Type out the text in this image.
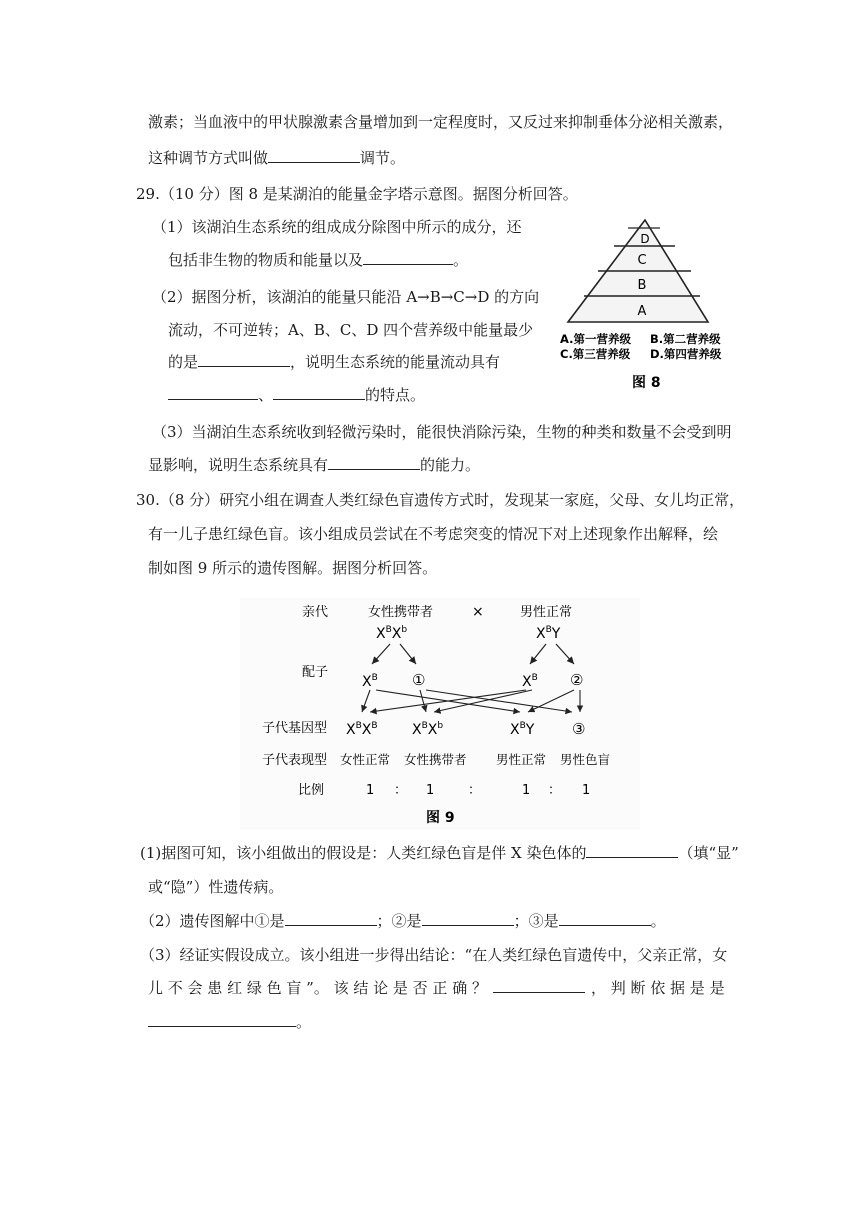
激素；当血液中的甲状腺激素含量增加到一定程度时，又反过来抑制垂体分泌相关激素，
这种调节方式叫做	调节。
29.（10 分）图 8 是某湖泊的能量金字塔示意图。据图分析回答。
（1）该湖泊生态系统的组成成分除图中所示的成分，还
包括非生物的物质和能量以及	。
（2）据图分析，该湖泊的能量只能沿 A→B→C→D 的方向
流动，不可逆转；A、B、C、D 四个营养级中能量最少
的是	，说明生态系统的能量流动具有
、	的特点。
A
B
C
D
A.第一营养级 B.第二营养级
C.第三营养级 D.第四营养级
图 8
（3）当湖泊生态系统收到轻微污染时，能很快消除污染，生物的种类和数量不会受到明
显影响，说明生态系统具有	的能力。
30.（8 分）研究小组在调查人类红绿色盲遗传方式时，发现某一家庭，父母、女儿均正常，
有一儿子患红绿色盲。该小组成员尝试在不考虑突变的情况下对上述现象作出解释，绘
制如图 9 所示的遗传图解。据图分析回答。
亲代	女性携带者	×	男性正常
$X^BX^b$	$X^BY$
配子
$X^B$ ①	$X^B$ ②
子代基因型 $X^BX^B$ $X^BX^b$	$X^BY$	③
子代表现型 女性正常 女性携带者 男性正常 男性色盲
比例	1 ： 1	：	1 ： 1
图 9
(1)据图可知，该小组做出的假设是：人类红绿色盲是伴 X 染色体的	（填“显”
或“隐”）性遗传病。
（2）遗传图解中①是	；②是	；③是	。
（3）经证实假设成立。该小组进一步得出结论：“在人类红绿色盲遗传中，父亲正常，女
儿 不 会 患 红 绿 色 盲 ”。 该 结 论 是 否 正 确 ？	， 判 断 依 据 是 是
。
